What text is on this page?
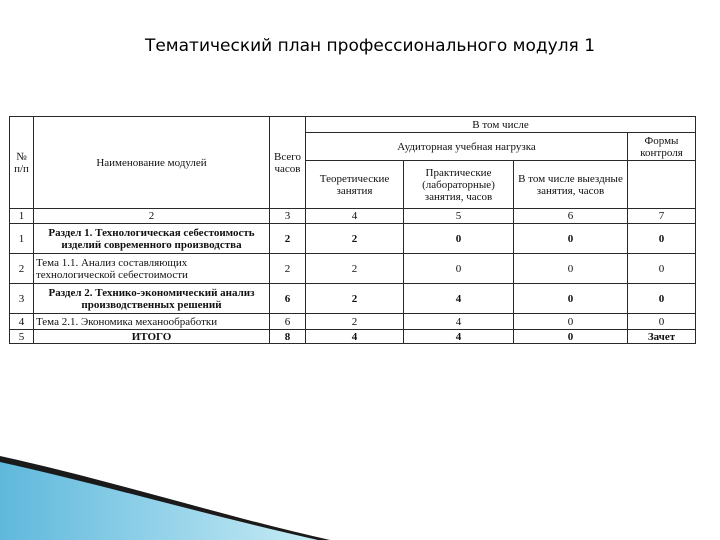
Тематический план профессионального модуля 1
№ п/п	Наименование модулей	Всего часов	В том числе			
			Аудиторная учебная нагрузка			Формы контроля
			Теоретические занятия	Практические (лабораторные) занятия, часов	В том числе выездные занятия, часов	
1	2	3	4	5	6	7
1	Раздел 1. Технологическая себестоимость изделий современного производства	2	2	0	0	0
2	Тема 1.1. Анализ составляющих технологической себестоимости	2	2	0	0	0
3	Раздел 2. Технико-экономический анализ производственных решений	6	2	4	0	0
4	Тема 2.1. Экономика механообработки	6	2	4	0	0
5	ИТОГО	8	4	4	0	Зачет
